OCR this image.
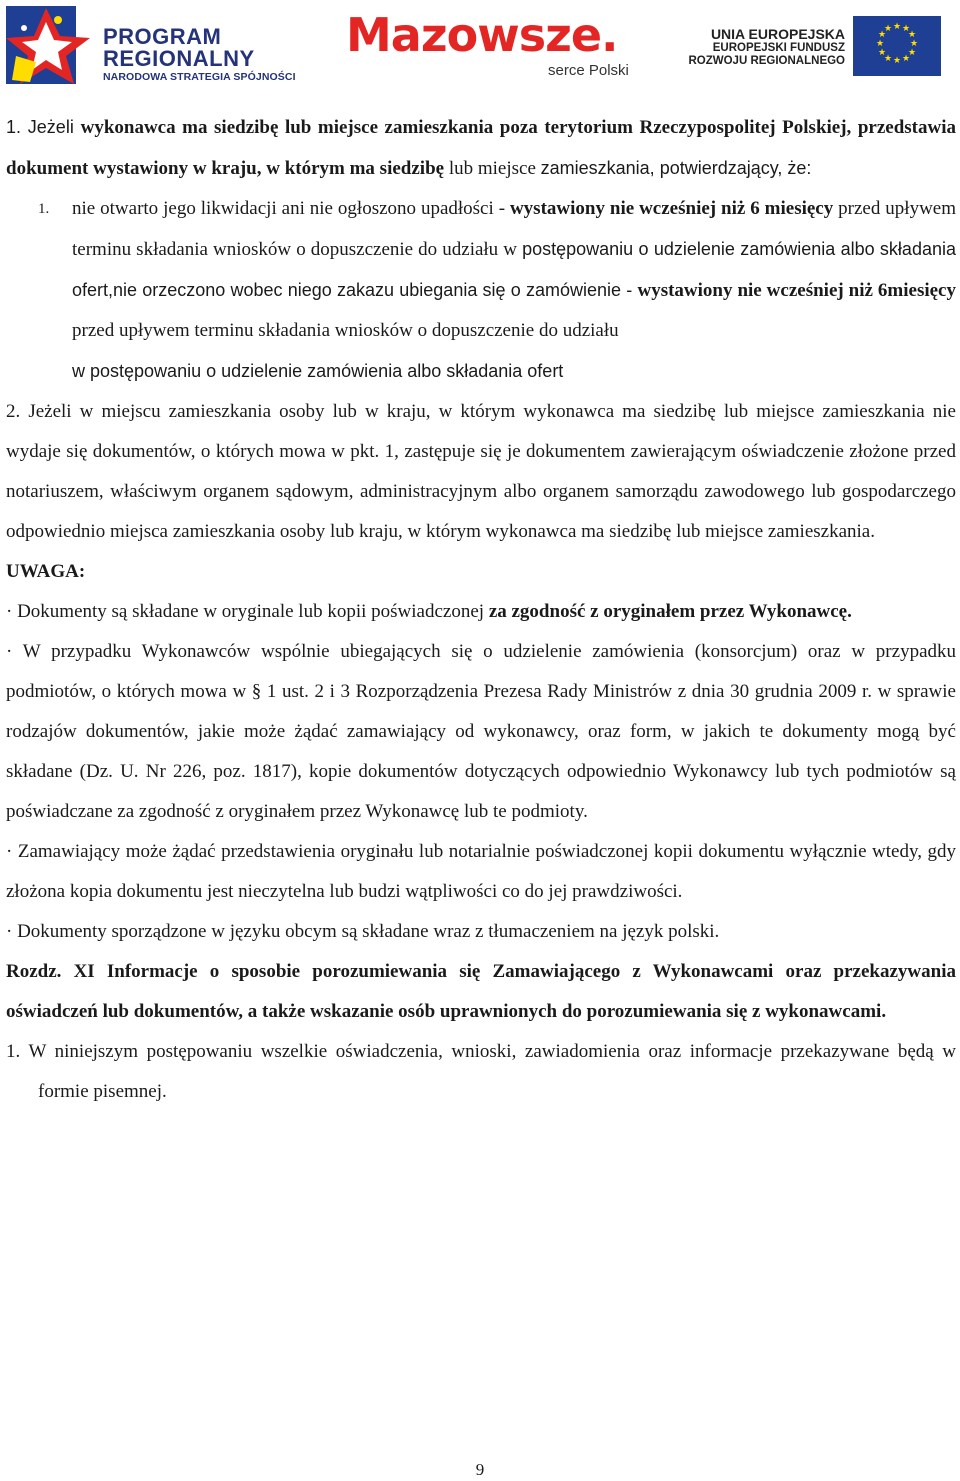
PROGRAM
REGIONALNY
NARODOWA STRATEGIA SPÓJNOŚCI
Mazowsze.
serce Polski
UNIA EUROPEJSKA
EUROPEJSKI FUNDUSZ
ROZWOJU REGIONALNEGO
★ ★
★
★
★
★
★
★
★
★
★
★

1. Jeżeli wykonawca ma siedzibę lub miejsce zamieszkania poza terytorium Rzeczypospolitej Polskiej, przedstawia dokument wystawiony w kraju, w którym ma siedzibę lub miejsce zamieszkania, potwierdzający, że:

1. nie otwarto jego likwidacji ani nie ogłoszono upadłości - wystawiony nie wcześniej niż 6 miesięcy przed upływem terminu składania wniosków o dopuszczenie do udziału w postępowaniu o udzielenie zamówienia albo składania ofert,nie orzeczono wobec niego zakazu ubiegania się o zamówienie - wystawiony nie wcześniej niż 6miesięcy przed upływem terminu składania wniosków o dopuszczenie do udziału

w postępowaniu o udzielenie zamówienia albo składania ofert

2. Jeżeli w miejscu zamieszkania osoby lub w kraju, w którym wykonawca ma siedzibę lub miejsce zamieszkania nie wydaje się dokumentów, o których mowa w pkt. 1, zastępuje się je dokumentem zawierającym oświadczenie złożone przed notariuszem, właściwym organem sądowym, administracyjnym albo organem samorządu zawodowego lub gospodarczego odpowiednio miejsca zamieszkania osoby lub kraju, w którym wykonawca ma siedzibę lub miejsce zamieszkania.

UWAGA:

· Dokumenty są składane w oryginale lub kopii poświadczonej za zgodność z oryginałem przez Wykonawcę.

· W przypadku Wykonawców wspólnie ubiegających się o udzielenie zamówienia (konsorcjum) oraz w przypadku podmiotów, o których mowa w § 1 ust. 2 i 3 Rozporządzenia Prezesa Rady Ministrów z dnia 30 grudnia 2009 r. w sprawie rodzajów dokumentów, jakie może żądać zamawiający od wykonawcy, oraz form, w jakich te dokumenty mogą być składane (Dz. U. Nr 226, poz. 1817), kopie dokumentów dotyczących odpowiednio Wykonawcy lub tych podmiotów są poświadczane za zgodność z oryginałem przez Wykonawcę lub te podmioty.

· Zamawiający może żądać przedstawienia oryginału lub notarialnie poświadczonej kopii dokumentu wyłącznie wtedy, gdy złożona kopia dokumentu jest nieczytelna lub budzi wątpliwości co do jej prawdziwości.

· Dokumenty sporządzone w języku obcym są składane wraz z tłumaczeniem na język polski.

Rozdz. XI Informacje o sposobie porozumiewania się Zamawiającego z Wykonawcami oraz przekazywania oświadczeń lub dokumentów, a także wskazanie osób uprawnionych do porozumiewania się z wykonawcami.

1. W niniejszym postępowaniu wszelkie oświadczenia, wnioski, zawiadomienia oraz informacje przekazywane będą w formie pisemnej.

9
